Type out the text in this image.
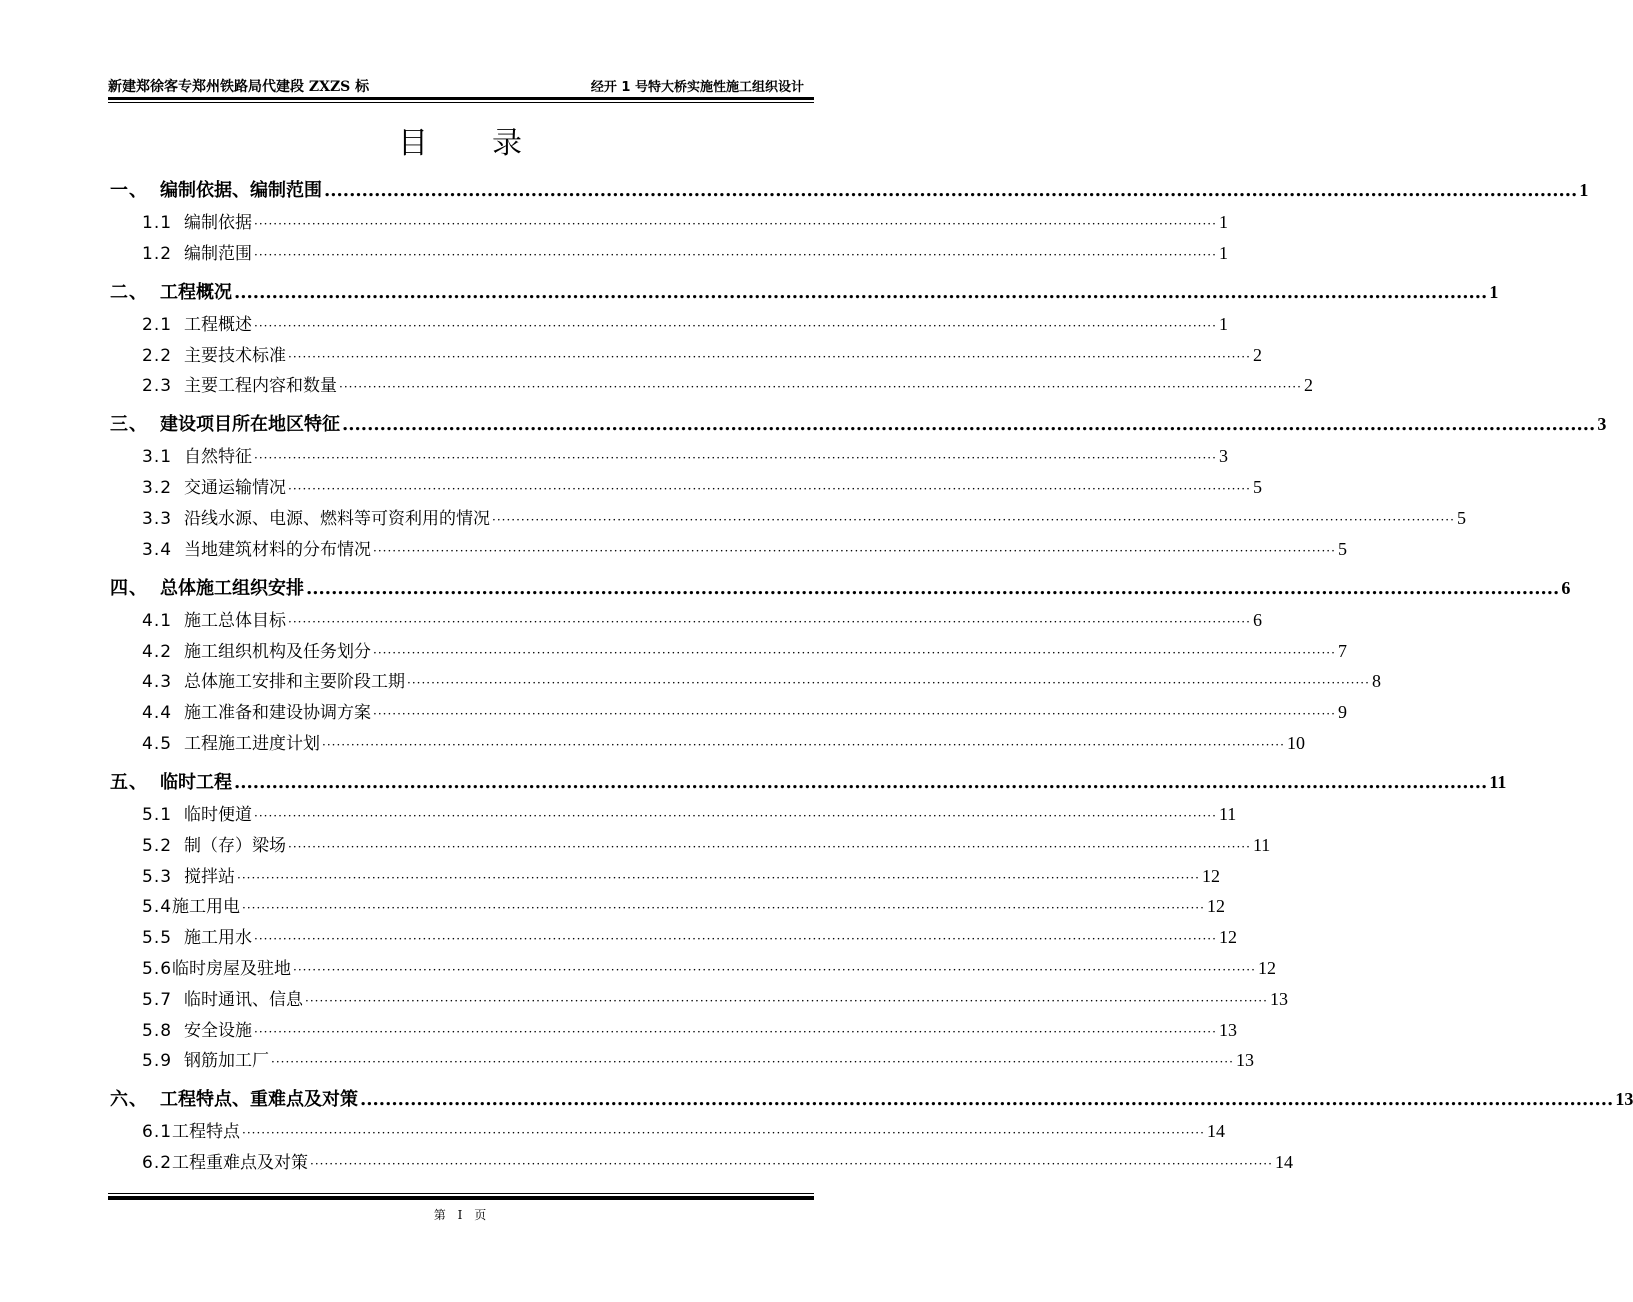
新建郑徐客专郑州铁路局代建段 ZXZS 标	经开 1 号特大桥实施性施工组织设计
目录
一、 编制依据、编制范围 ........................................................................................................................................................................................................ 1
1.1 编制依据 ········································································································································································································ 1
1.2 编制范围 ········································································································································································································ 1
二、 工程概况 ........................................................................................................................................................................................................ 1
2.1 工程概述 ········································································································································································································ 1
2.2 主要技术标准 ········································································································································································································ 2
2.3 主要工程内容和数量 ········································································································································································································ 2
三、 建设项目所在地区特征 ........................................................................................................................................................................................................ 3
3.1 自然特征 ········································································································································································································ 3
3.2 交通运输情况 ········································································································································································································ 5
3.3 沿线水源、电源、燃料等可资利用的情况 ········································································································································································································ 5
3.4 当地建筑材料的分布情况 ········································································································································································································ 5
四、 总体施工组织安排 ........................................................................................................................................................................................................ 6
4.1 施工总体目标 ········································································································································································································ 6
4.2 施工组织机构及任务划分 ········································································································································································································ 7
4.3 总体施工安排和主要阶段工期 ········································································································································································································ 8
4.4 施工准备和建设协调方案 ········································································································································································································ 9
4.5 工程施工进度计划 ········································································································································································································ 10
五、 临时工程 ........................................................................................................................................................................................................ 11
5.1 临时便道 ········································································································································································································ 11
5.2 制（存）梁场 ········································································································································································································ 11
5.3 搅拌站 ········································································································································································································ 12
5.4 施工用电 ········································································································································································································ 12
5.5 施工用水 ········································································································································································································ 12
5.6 临时房屋及驻地 ········································································································································································································ 12
5.7 临时通讯、信息 ········································································································································································································ 13
5.8 安全设施 ········································································································································································································ 13
5.9 钢筋加工厂 ········································································································································································································ 13
六、 工程特点、重难点及对策 ........................................................................................................................................................................................................ 13
6.1 工程特点 ········································································································································································································ 14
6.2 工程重难点及对策 ········································································································································································································ 14
第 I 页
